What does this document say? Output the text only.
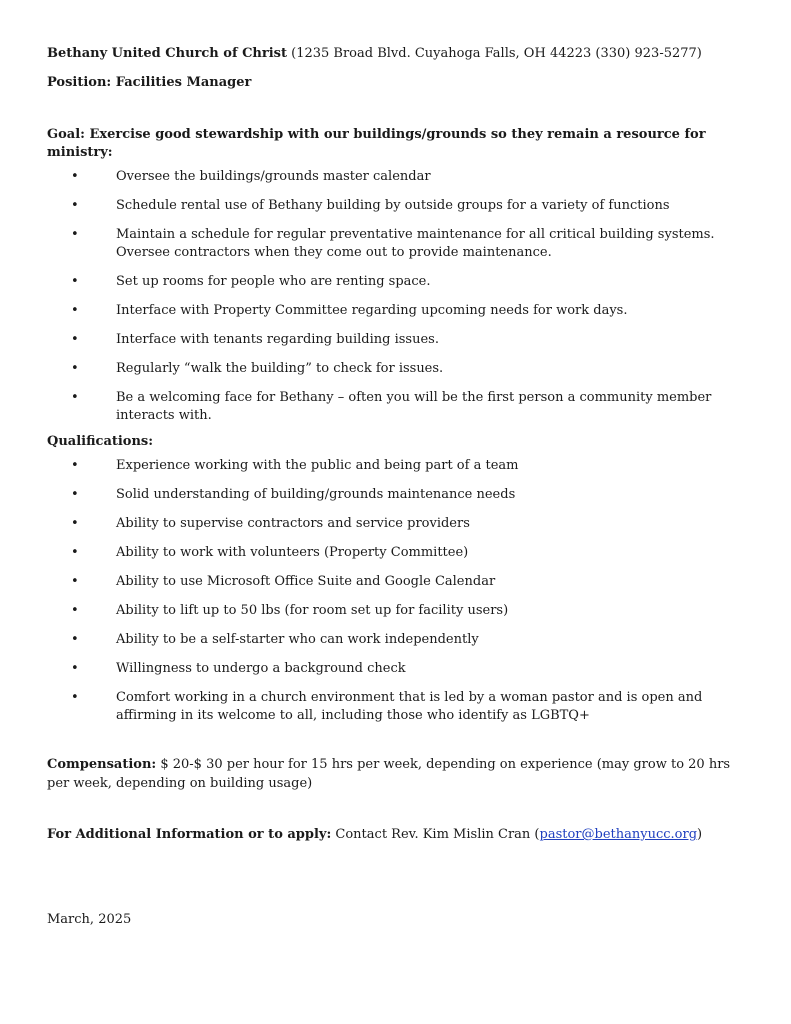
Bethany United Church of Christ (1235 Broad Blvd. Cuyahoga Falls, OH 44223 (330) 923-5277)

Position: Facilities Manager

Goal: Exercise good stewardship with our buildings/grounds so they remain a resource for ministry:

•	Oversee the buildings/grounds master calendar
•	Schedule rental use of Bethany building by outside groups for a variety of functions
•	Maintain a schedule for regular preventative maintenance for all critical building systems. Oversee contractors when they come out to provide maintenance.
•	Set up rooms for people who are renting space.
•	Interface with Property Committee regarding upcoming needs for work days.
•	Interface with tenants regarding building issues.
•	Regularly “walk the building” to check for issues.
•	Be a welcoming face for Bethany – often you will be the first person a community member interacts with.

Qualifications:

•	Experience working with the public and being part of a team
•	Solid understanding of building/grounds maintenance needs
•	Ability to supervise contractors and service providers
•	Ability to work with volunteers (Property Committee)
•	Ability to use Microsoft Office Suite and Google Calendar
•	Ability to lift up to 50 lbs (for room set up for facility users)
•	Ability to be a self-starter who can work independently
•	Willingness to undergo a background check
•	Comfort working in a church environment that is led by a woman pastor and is open and affirming in its welcome to all, including those who identify as LGBTQ+

Compensation: $ 20-$ 30 per hour for 15 hrs per week, depending on experience (may grow to 20 hrs per week, depending on building usage)

For Additional Information or to apply: Contact Rev. Kim Mislin Cran (pastor@bethanyucc.org)

March, 2025
